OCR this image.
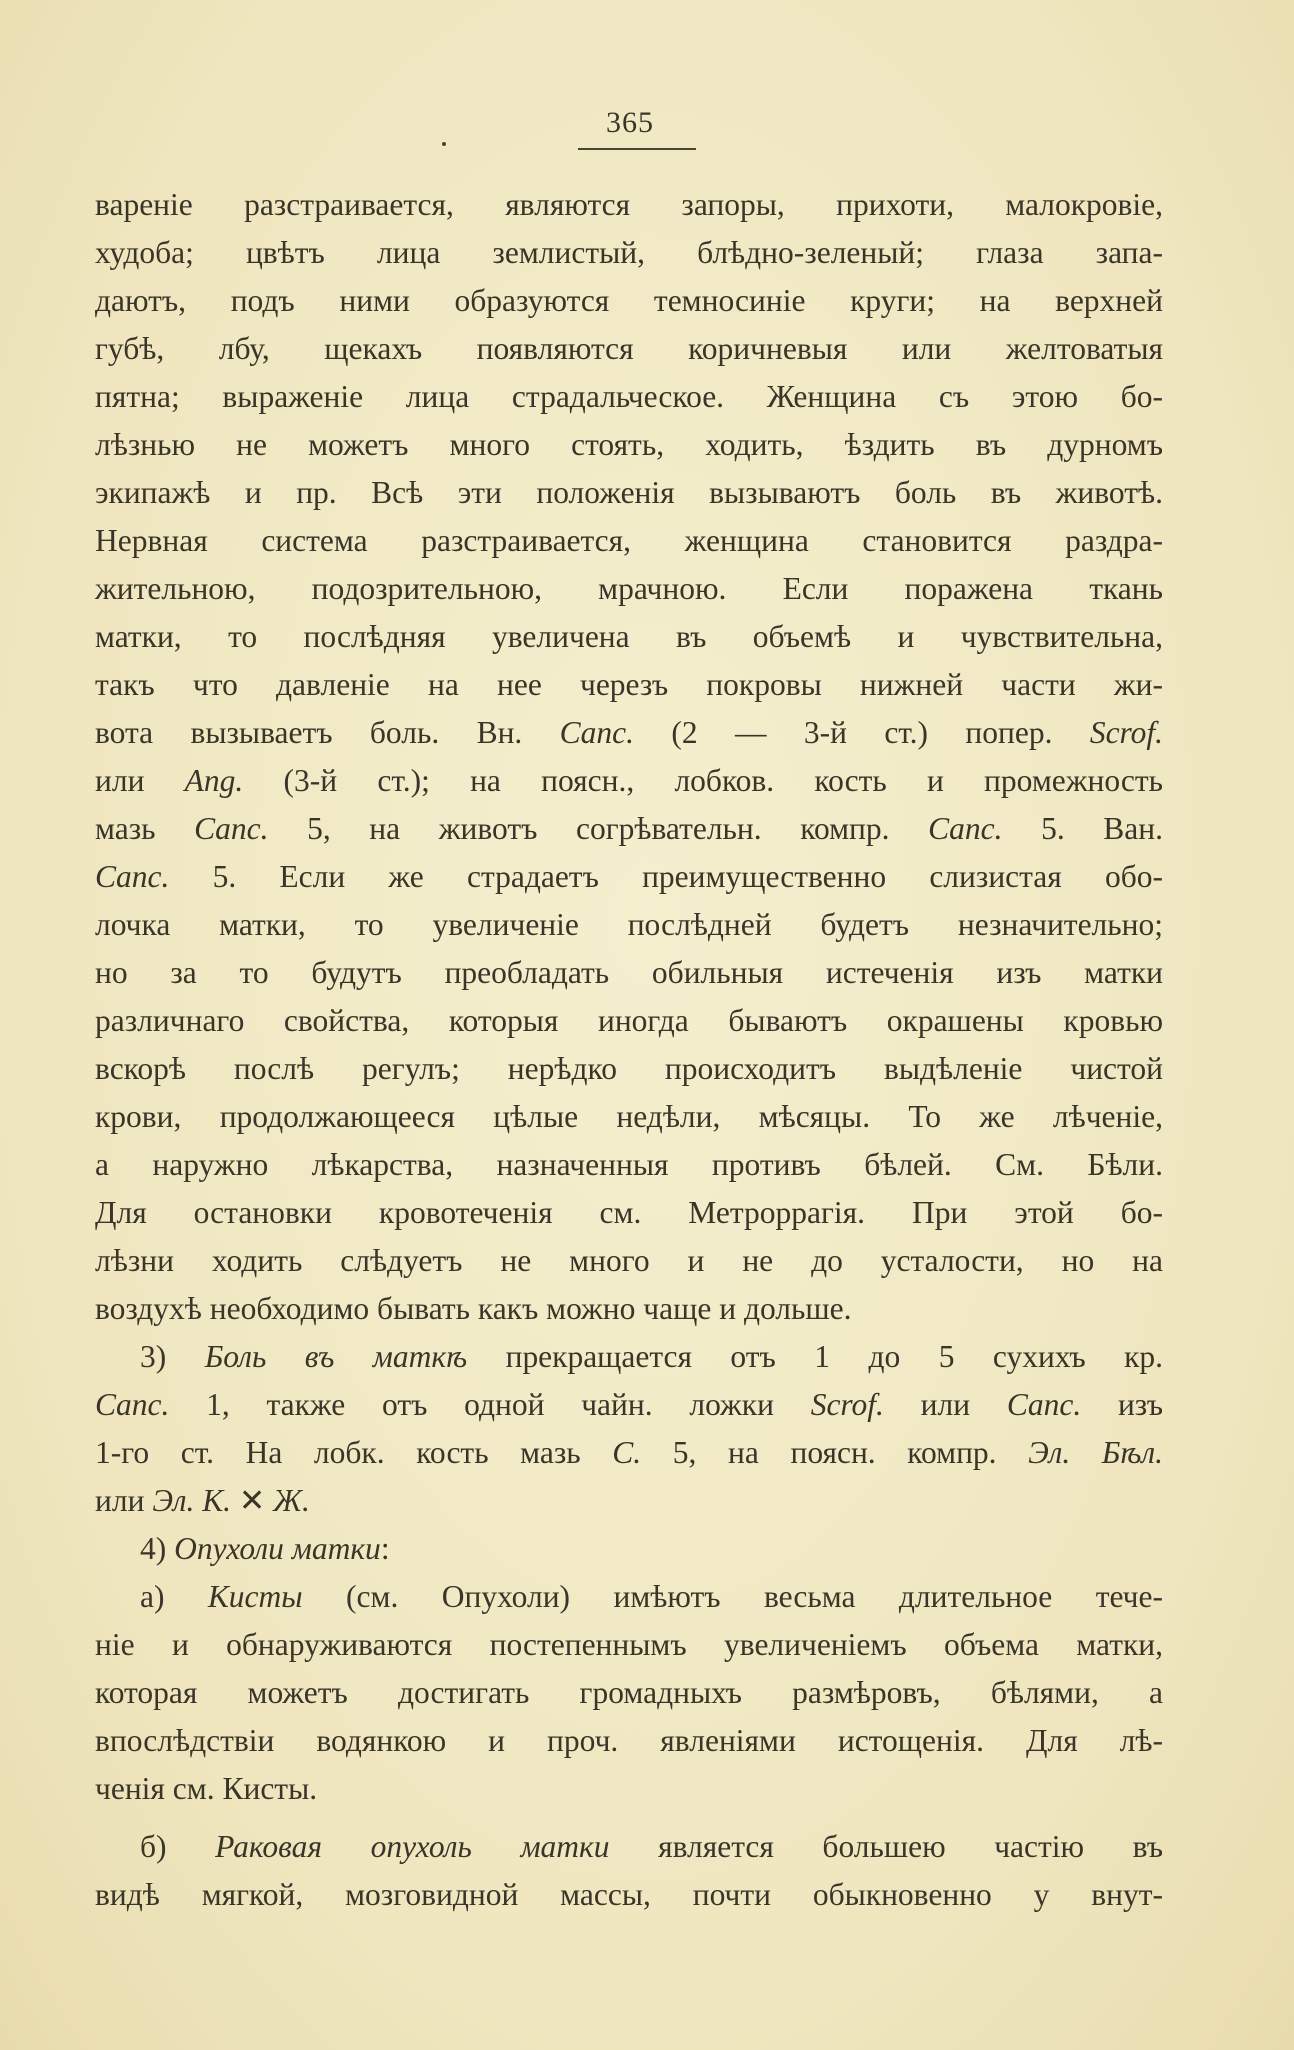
365
вареніе разстраивается, являются запоры, прихоти, малокровіе,
худоба; цвѣтъ лица землистый, блѣдно-зеленый; глаза запа-
даютъ, подъ ними образуются темносиніе круги; на верхней
губѣ, лбу, щекахъ появляются коричневыя или желтоватыя
пятна; выраженіе лица страдальческое. Женщина съ этою бо-
лѣзнью не можетъ много стоять, ходить, ѣздить въ дурномъ
экипажѣ и пр. Всѣ эти положенія вызываютъ боль въ животѣ.
Нервная система разстраивается, женщина становится раздра-
жительною, подозрительною, мрачною. Если поражена ткань
матки, то послѣдняя увеличена въ объемѣ и чувствительна,
такъ что давленіе на нее черезъ покровы нижней части жи-
вота вызываетъ боль. Вн. Canc. (2 — 3-й ст.) попер. Scrof.
или Ang. (3-й ст.); на поясн., лобков. кость и промежность
мазь Canc. 5, на животъ согрѣвательн. компр. Canc. 5. Ван.
Canc. 5. Если же страдаетъ преимущественно слизистая обо-
лочка матки, то увеличеніе послѣдней будетъ незначительно;
но за то будутъ преобладать обильныя истеченія изъ матки
различнаго свойства, которыя иногда бываютъ окрашены кровью
вскорѣ послѣ регулъ; нерѣдко происходитъ выдѣленіе чистой
крови, продолжающееся цѣлые недѣли, мѣсяцы. То же лѣченіе,
а наружно лѣкарства, назначенныя противъ бѣлей. См. Бѣли.
Для остановки кровотеченія см. Метроррагія. При этой бо-
лѣзни ходить слѣдуетъ не много и не до усталости, но на
воздухѣ необходимо бывать какъ можно чаще и дольше.
3) Боль въ маткѣ прекращается отъ 1 до 5 сухихъ кр.
Canc. 1, также отъ одной чайн. ложки Scrof. или Canc. изъ
1-го ст. На лобк. кость мазь C. 5, на поясн. компр. Эл. Бѣл.
или Эл. К. ✕ Ж.
4) Опухоли матки:
а) Кисты (см. Опухоли) имѣютъ весьма длительное тече-
ніе и обнаруживаются постепеннымъ увеличеніемъ объема матки,
которая можетъ достигать громадныхъ размѣровъ, бѣлями, а
впослѣдствіи водянкою и проч. явленіями истощенія. Для лѣ-
ченія см. Кисты.
б) Раковая опухоль матки является большею частію въ
видѣ мягкой, мозговидной массы, почти обыкновенно у внут-
